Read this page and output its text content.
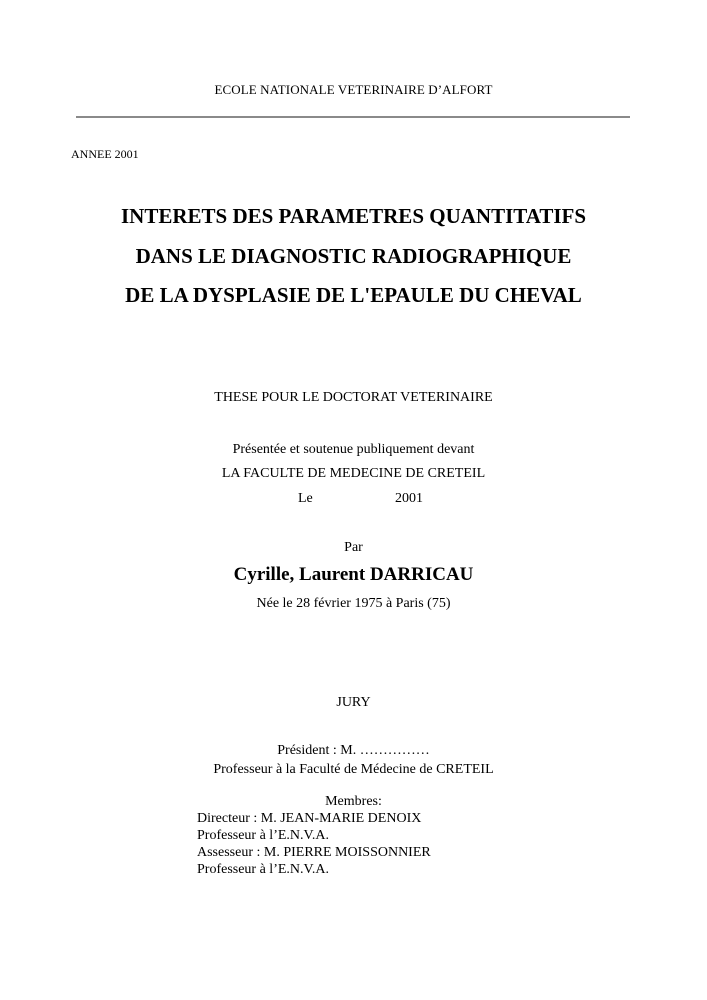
ECOLE NATIONALE VETERINAIRE D’ALFORT
ANNEE 2001
INTERETS DES PARAMETRES QUANTITATIFS
DANS LE DIAGNOSTIC RADIOGRAPHIQUE
DE LA DYSPLASIE DE L'EPAULE DU CHEVAL
THESE POUR LE DOCTORAT VETERINAIRE
Présentée et soutenue publiquement devant
LA FACULTE DE MEDECINE DE CRETEIL
Le	2001
Par
Cyrille, Laurent DARRICAU
Née le 28 février 1975 à Paris (75)
JURY
Président : M. ……………
Professeur à la Faculté de Médecine de CRETEIL
Membres:
Directeur : M. JEAN-MARIE DENOIX
Professeur à l’E.N.V.A.
Assesseur : M. PIERRE MOISSONNIER
Professeur à l’E.N.V.A.
